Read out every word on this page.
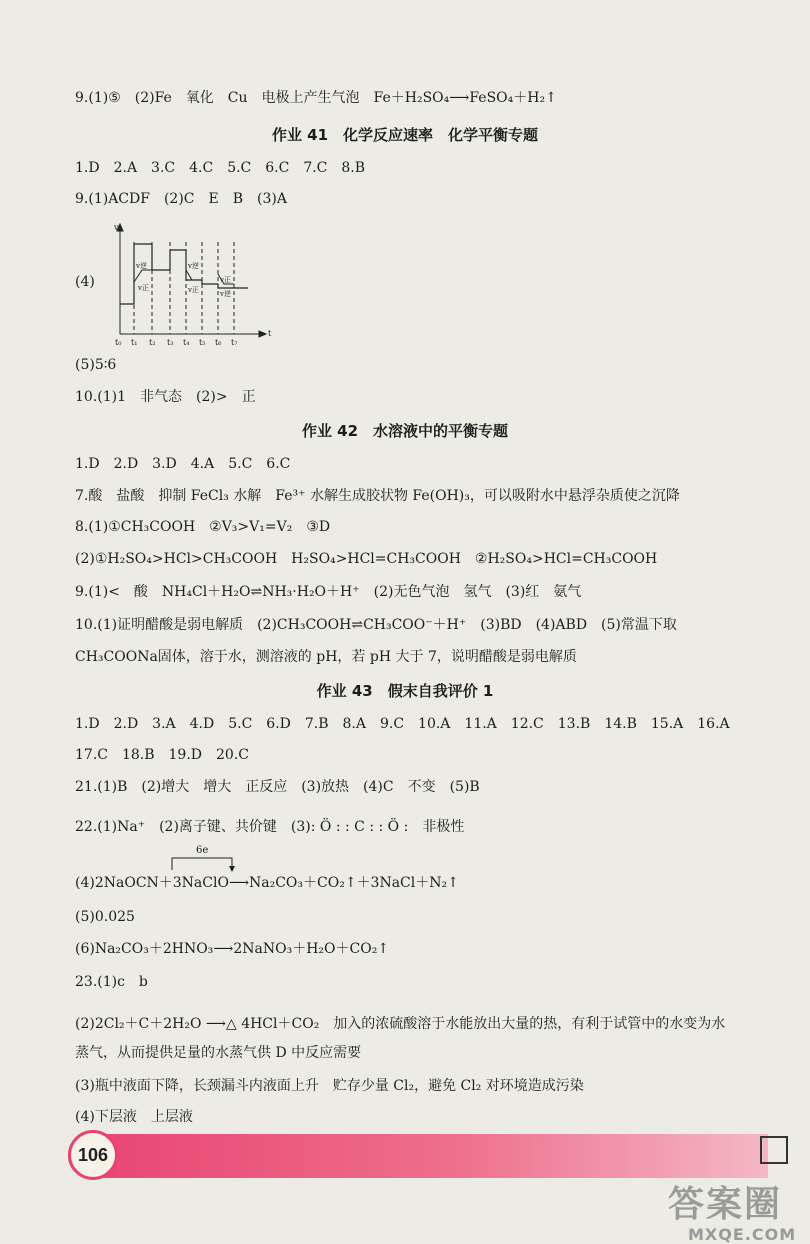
9.(1)⑤　(2)Fe　氧化　Cu　电极上产生气泡　Fe＋H₂SO₄⟶FeSO₄＋H₂↑
作业 41　化学反应速率　化学平衡专题
1.D　2.A　3.C　4.C　5.C　6.C　7.C　8.B
9.(1)ACDF　(2)C　E　B　(3)A
(4)
v
t
t₀ t₁ t₂ t₃ t₄ t₅ t₆ t₇
v逆
v正
v逆
v正
v正
v逆
(5)5∶6
10.(1)1　非气态　(2)>　正
作业 42　水溶液中的平衡专题
1.D　2.D　3.D　4.A　5.C　6.C
7.酸　盐酸　抑制 FeCl₃ 水解　Fe³⁺ 水解生成胶状物 Fe(OH)₃，可以吸附水中悬浮杂质使之沉降
8.(1)①CH₃COOH　②V₃>V₁=V₂　③D
(2)①H₂SO₄>HCl>CH₃COOH　H₂SO₄>HCl=CH₃COOH　②H₂SO₄>HCl=CH₃COOH
9.(1)<　酸　NH₄Cl＋H₂O⇌NH₃·H₂O＋H⁺　(2)无色气泡　氢气　(3)红　氨气
10.(1)证明醋酸是弱电解质　(2)CH₃COOH⇌CH₃COO⁻＋H⁺　(3)BD　(4)ABD　(5)常温下取
CH₃COONa固体，溶于水，测溶液的 pH，若 pH 大于 7，说明醋酸是弱电解质
作业 43　假末自我评价 1
1.D　2.D　3.A　4.D　5.C　6.D　7.B　8.A　9.C　10.A　11.A　12.C　13.B　14.B　15.A　16.A
17.C　18.B　19.D　20.C
21.(1)B　(2)增大　增大　正反应　(3)放热　(4)C　不变　(5)B
22.(1)Na⁺　(2)离子键、共价键　(3): Ö : : C : : Ö :　非极性
6e
(4)2NaOCN＋3NaClO⟶Na₂CO₃＋CO₂↑＋3NaCl＋N₂↑
(5)0.025
(6)Na₂CO₃＋2HNO₃⟶2NaNO₃＋H₂O＋CO₂↑
23.(1)c　b
(2)2Cl₂＋C＋2H₂O ⟶△ 4HCl＋CO₂　加入的浓硫酸溶于水能放出大量的热，有利于试管中的水变为水
蒸气，从而提供足量的水蒸气供 D 中反应需要
(3)瓶中液面下降，长颈漏斗内液面上升　贮存少量 Cl₂，避免 Cl₂ 对环境造成污染
(4)下层液　上层液
106
答案圈
MXQE.COM
